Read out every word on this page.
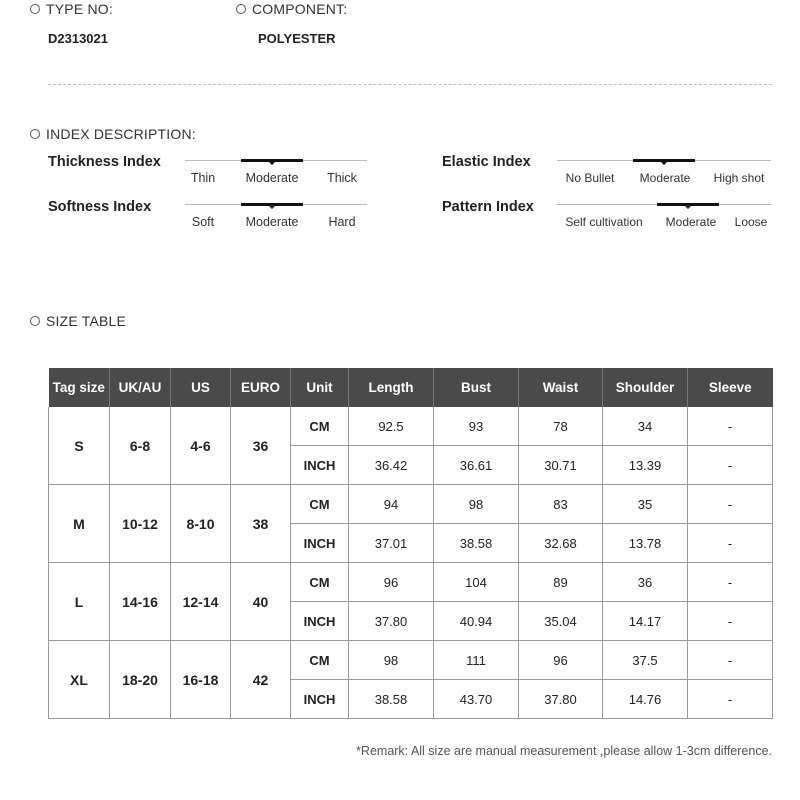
TYPE NO:
D2313021
COMPONENT:
POLYESTER
INDEX DESCRIPTION:
Thickness Index
Thin Moderate Thick
Softness Index
Soft	Moderate Hard
Elastic Index
No Bullet Moderate High shot
Pattern Index
Self cultivation Moderate Loose
SIZE TABLE
Tag size	UK/AU	US	EURO	Unit	Length	Bust	Waist	Shoulder	Sleeve
S	6-8	4-6	36	CM	92.5	93	78	34	-
				INCH	36.42	36.61	30.71	13.39	-
M	10-12	8-10	38	CM	94	98	83	35	-
				INCH	37.01	38.58	32.68	13.78	-
L	14-16	12-14	40	CM	96	104	89	36	-
				INCH	37.80	40.94	35.04	14.17	-
XL	18-20	16-18	42	CM	98	111	96	37.5	-
				INCH	38.58	43.70	37.80	14.76	-
*Remark: All size are manual measurement ,please allow 1-3cm difference.
